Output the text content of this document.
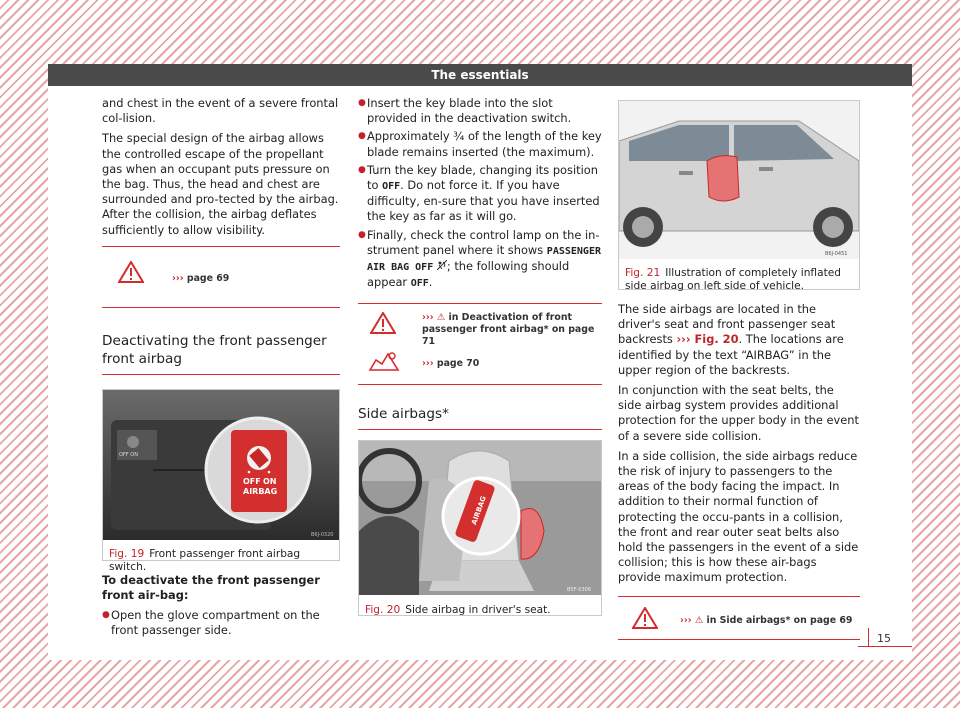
The essentials

and chest in the event of a severe frontal col-lision.

The special design of the airbag allows the controlled escape of the propellant gas when an occupant puts pressure on the bag. Thus, the head and chest are surrounded and pro-tected by the airbag. After the collision, the airbag deflates sufficiently to allow visibility.

››› page 69
Deactivating the front passenger front airbag
OFF ON
OFF ON
AIRBAG
B6J-0320
Fig. 19 Front passenger front airbag switch.

To deactivate the front passenger front air-bag:

● Open the glove compartment on the front passenger side.
● Insert the key blade into the slot provided in the deactivation switch.
● Approximately ¾ of the length of the key blade remains inserted (the maximum).
● Turn the key blade, changing its position to OFF. Do not force it. If you have difficulty, en-sure that you have inserted the key as far as it will go.
● Finally, check the control lamp on the in-strument panel where it shows PASSENGER AIR BAG OFF ; the following should appear OFF.
››› ⚠ in Deactivation of front passenger front airbag* on page 71
››› page 70
Side airbags*
AIRBAG
B5F-0306
Fig. 20 Side airbag in driver's seat.
B6J-0451
Fig. 21 Illustration of completely inflated side airbag on left side of vehicle.

The side airbags are located in the driver's seat and front passenger seat backrests ››› Fig. 20. The locations are identified by the text “AIRBAG” in the upper region of the backrests.

In conjunction with the seat belts, the side airbag system provides additional protection for the upper body in the event of a severe side collision.

In a side collision, the side airbags reduce the risk of injury to passengers to the areas of the body facing the impact. In addition to their normal function of protecting the occu-pants in a collision, the front and rear outer seat belts also hold the passengers in the event of a side collision; this is how these air-bags provide maximum protection.

››› ⚠ in Side airbags* on page 69
15
